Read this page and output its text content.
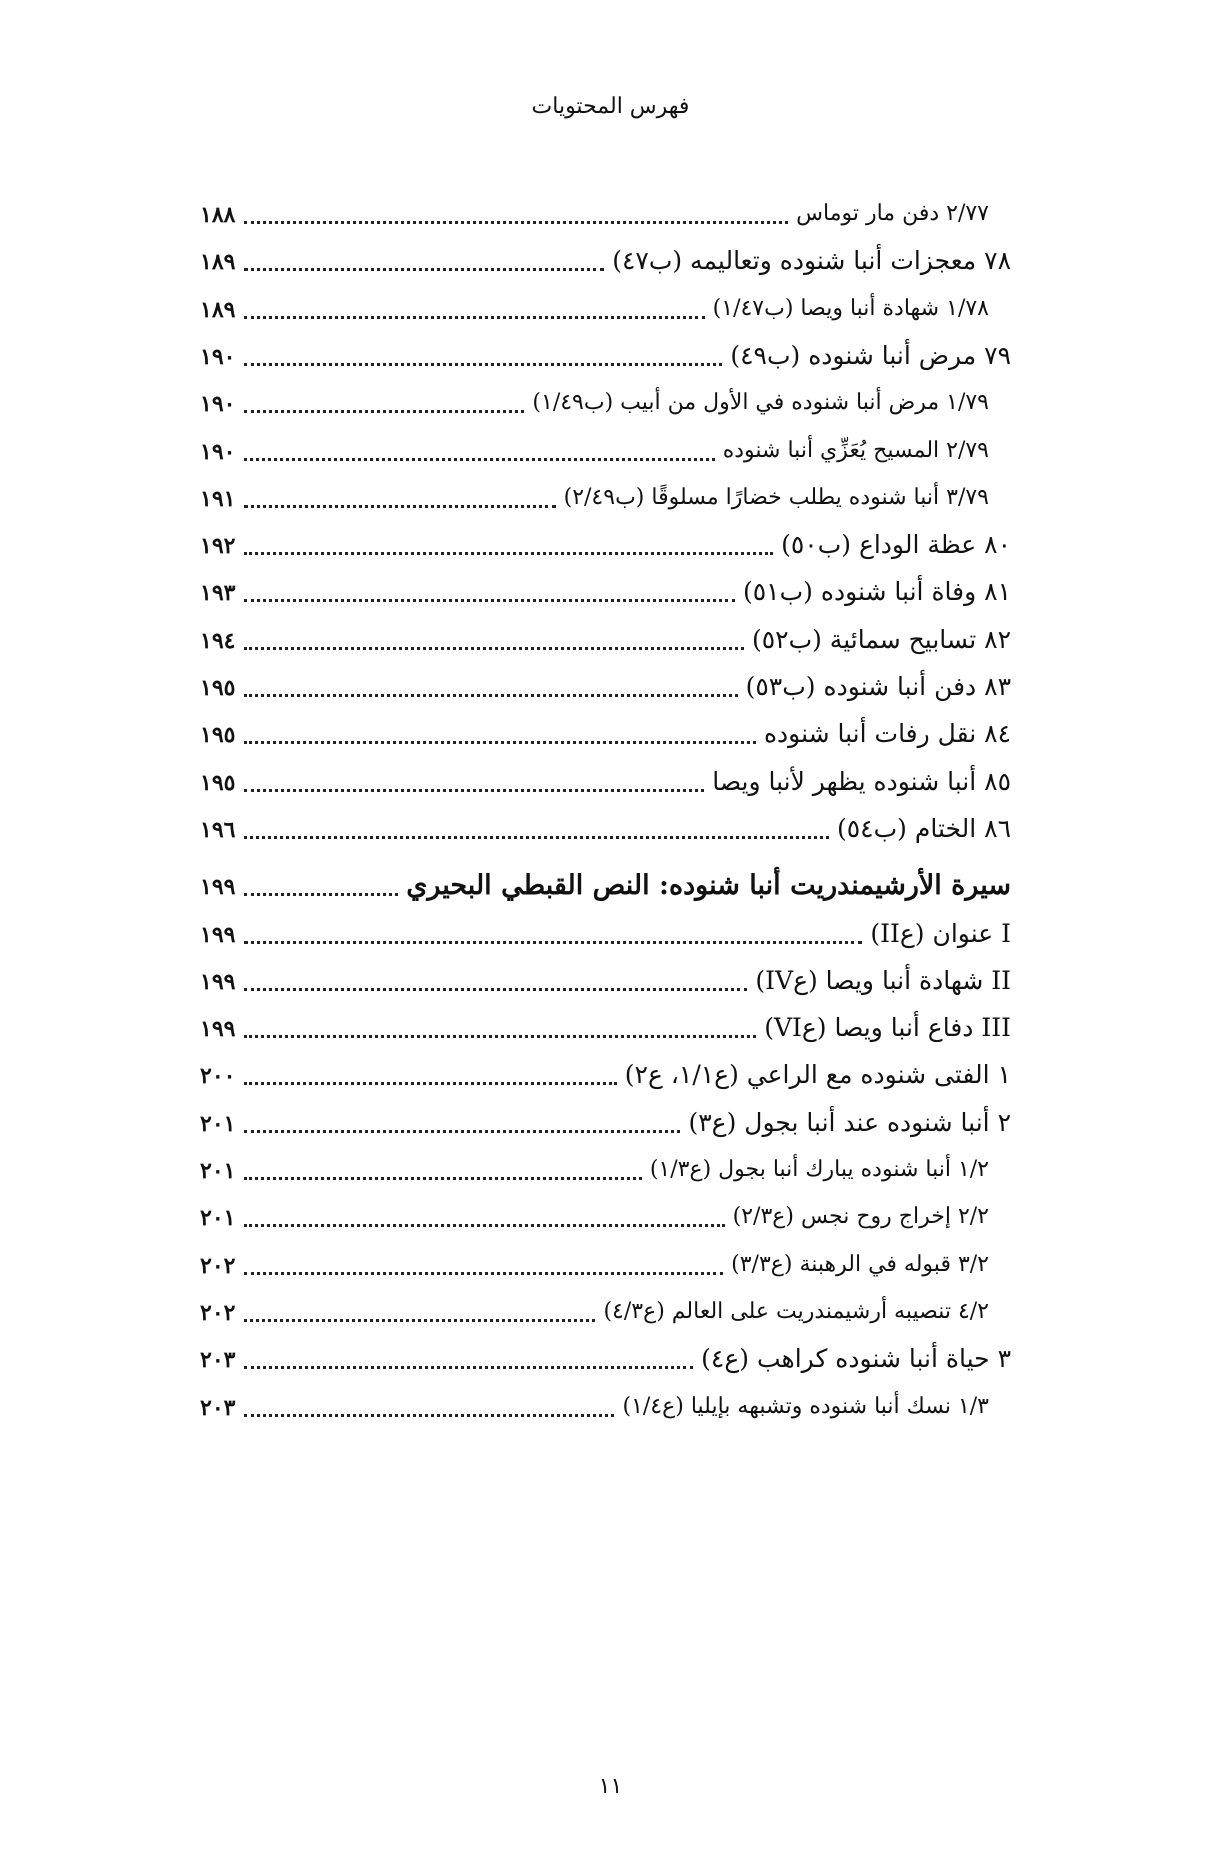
فهرس المحتويات
٢/٧٧ دفن مار توماس
١٨٨
٧٨ معجزات أنبا شنوده وتعاليمه (ب٤٧)
١٨٩
١/٧٨ شهادة أنبا ويصا (ب١/٤٧)
١٨٩
٧٩ مرض أنبا شنوده (ب٤٩)
١٩٠
١/٧٩ مرض أنبا شنوده في الأول من أبيب (ب١/٤٩)
١٩٠
٢/٧٩ المسيح يُعَزِّي أنبا شنوده
١٩٠
٣/٧٩ أنبا شنوده يطلب خضارًا مسلوقًا (ب٢/٤٩)
١٩١
٨٠ عظة الوداع (ب٥٠)
١٩٢
٨١ وفاة أنبا شنوده (ب٥١)
١٩٣
٨٢ تسابيح سمائية (ب٥٢)
١٩٤
٨٣ دفن أنبا شنوده (ب٥٣)
١٩٥
٨٤ نقل رفات أنبا شنوده
١٩٥
٨٥ أنبا شنوده يظهر لأنبا ويصا
١٩٥
٨٦ الختام (ب٥٤)
١٩٦
سيرة الأرشيمندريت أنبا شنوده: النص القبطي البحيري
١٩٩
I عنوان (عII)
١٩٩
II شهادة أنبا ويصا (عIV)
١٩٩
III دفاع أنبا ويصا (عVI)
١٩٩
١ الفتى شنوده مع الراعي (ع١/١، ع٢)
٢٠٠
٢ أنبا شنوده عند أنبا بجول (ع٣)
٢٠١
١/٢ أنبا شنوده يبارك أنبا بجول (ع١/٣)
٢٠١
٢/٢ إخراج روح نجس (ع٢/٣)
٢٠١
٣/٢ قبوله في الرهبنة (ع٣/٣)
٢٠٢
٤/٢ تنصيبه أرشيمندريت على العالم (ع٤/٣)
٢٠٢
٣ حياة أنبا شنوده كراهب (ع٤)
٢٠٣
١/٣ نسك أنبا شنوده وتشبهه بإيليا (ع١/٤)
٢٠٣
١١
